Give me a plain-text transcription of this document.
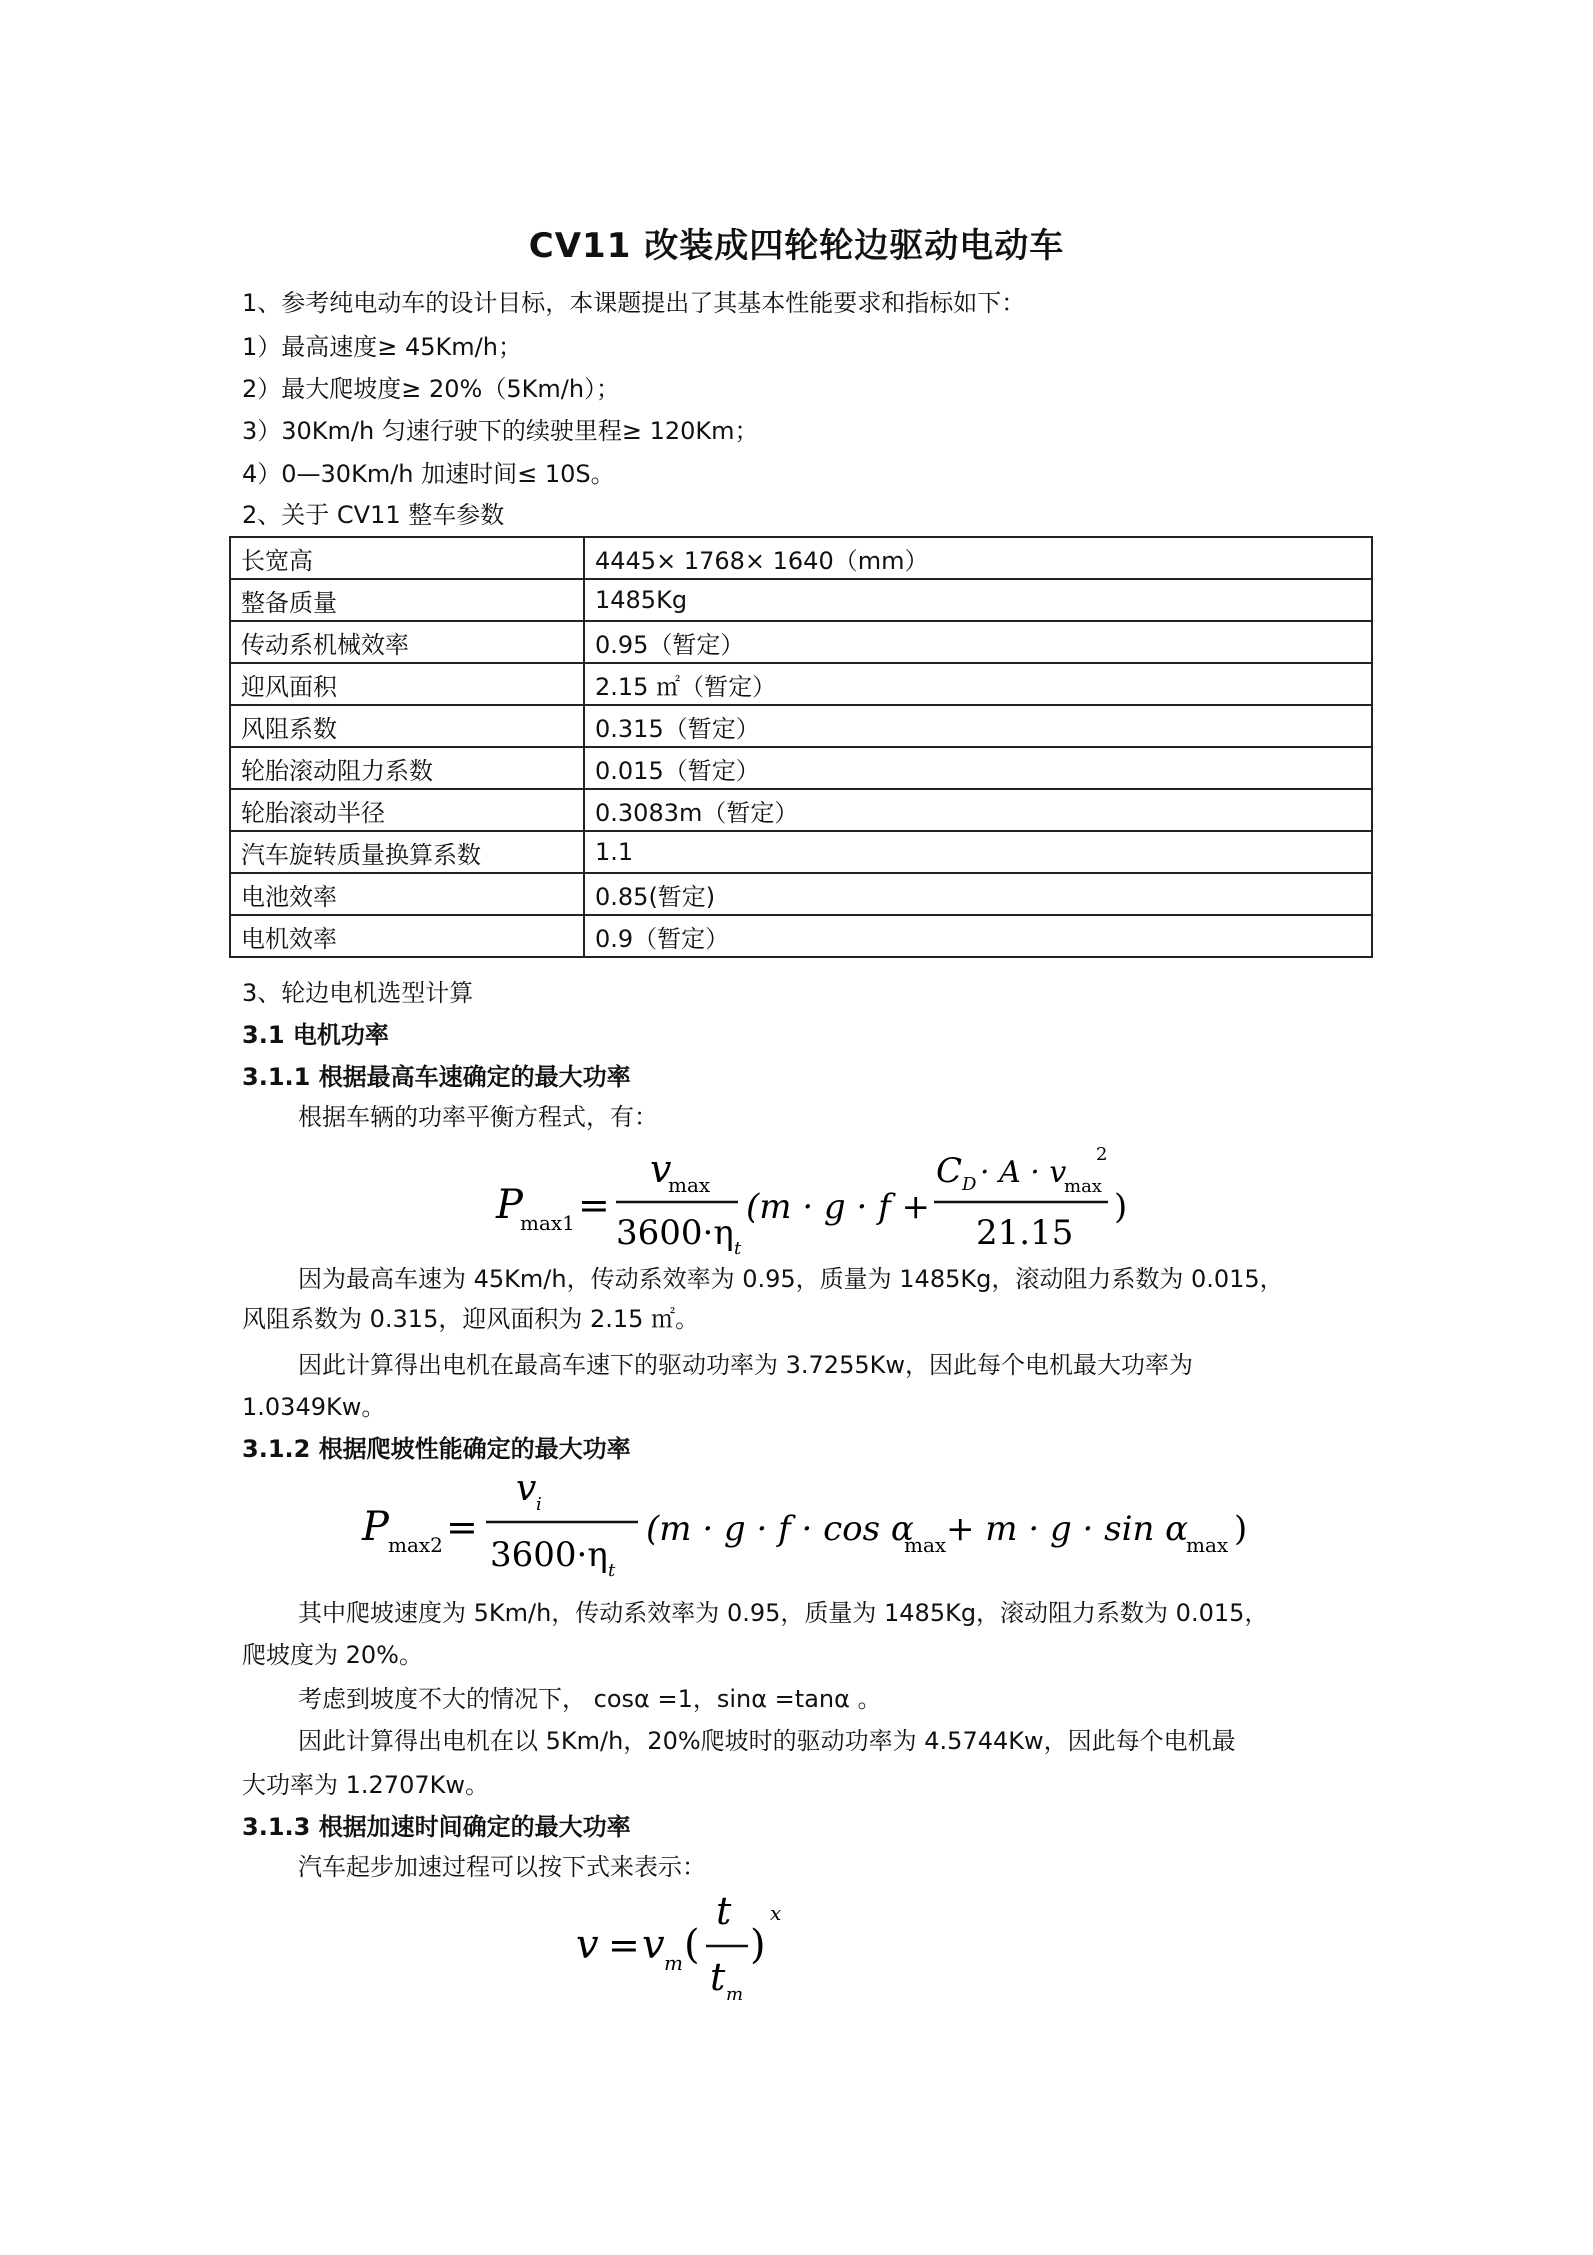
CV11 改装成四轮轮边驱动电动车
1、参考纯电动车的设计目标，本课题提出了其基本性能要求和指标如下：
1）最高速度≥ 45Km/h；
2）最大爬坡度≥ 20%（5Km/h）；
3）30Km/h 匀速行驶下的续驶里程≥ 120Km；
4）0—30Km/h 加速时间≤ 10S。
2、关于 CV11 整车参数
长宽高	4445× 1768× 1640（mm）
整备质量	1485Kg
传动系机械效率	0.95（暂定）
迎风面积	2.15 ㎡（暂定）
风阻系数	0.315（暂定）
轮胎滚动阻力系数	0.015（暂定）
轮胎滚动半径	0.3083m（暂定）
汽车旋转质量换算系数	1.1
电池效率	0.85(暂定)
电机效率	0.9（暂定）
3、轮边电机选型计算
3.1 电机功率
3.1.1 根据最高车速确定的最大功率
根据车辆的功率平衡方程式，有：
P
max1 =
v
max
3600·η t
(m · g · f +
C D · A · v
max
2
21.15
)
因为最高车速为 45Km/h，传动系效率为 0.95，质量为 1485Kg，滚动阻力系数为 0.015，
风阻系数为 0.315，迎风面积为 2.15 ㎡。
因此计算得出电机在最高车速下的驱动功率为 3.7255Kw，因此每个电机最大功率为
1.0349Kw。
3.1.2 根据爬坡性能确定的最大功率
P max2 =
v i
3600·η t
(m · g · f · cos α
max + m · g · sin α
max )
其中爬坡速度为 5Km/h，传动系效率为 0.95，质量为 1485Kg，滚动阻力系数为 0.015，
爬坡度为 20%。
考虑到坡度不大的情况下， cosα =1，sinα =tanα 。
因此计算得出电机在以 5Km/h，20%爬坡时的驱动功率为 4.5744Kw，因此每个电机最
大功率为 1.2707Kw。
3.1.3 根据加速时间确定的最大功率
汽车起步加速过程可以按下式来表示：
v = v m (
t
t m
)
x
